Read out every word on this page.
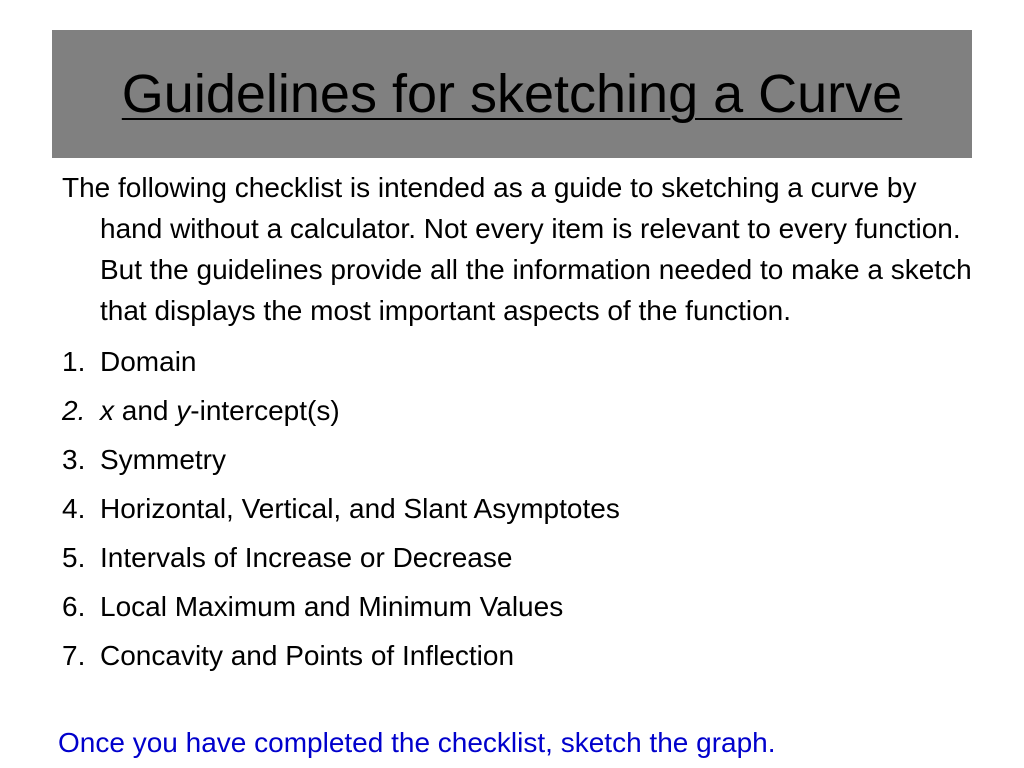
Guidelines for sketching a Curve

The following checklist is intended as a guide to sketching a curve by hand without a calculator. Not every item is relevant to every function. But the guidelines provide all the information needed to make a sketch that displays the most important aspects of the function.

1. Domain
2. x and y-intercept(s)
3. Symmetry
4. Horizontal, Vertical, and Slant Asymptotes
5. Intervals of Increase or Decrease
6. Local Maximum and Minimum Values
7. Concavity and Points of Inflection
Once you have completed the checklist, sketch the graph.
